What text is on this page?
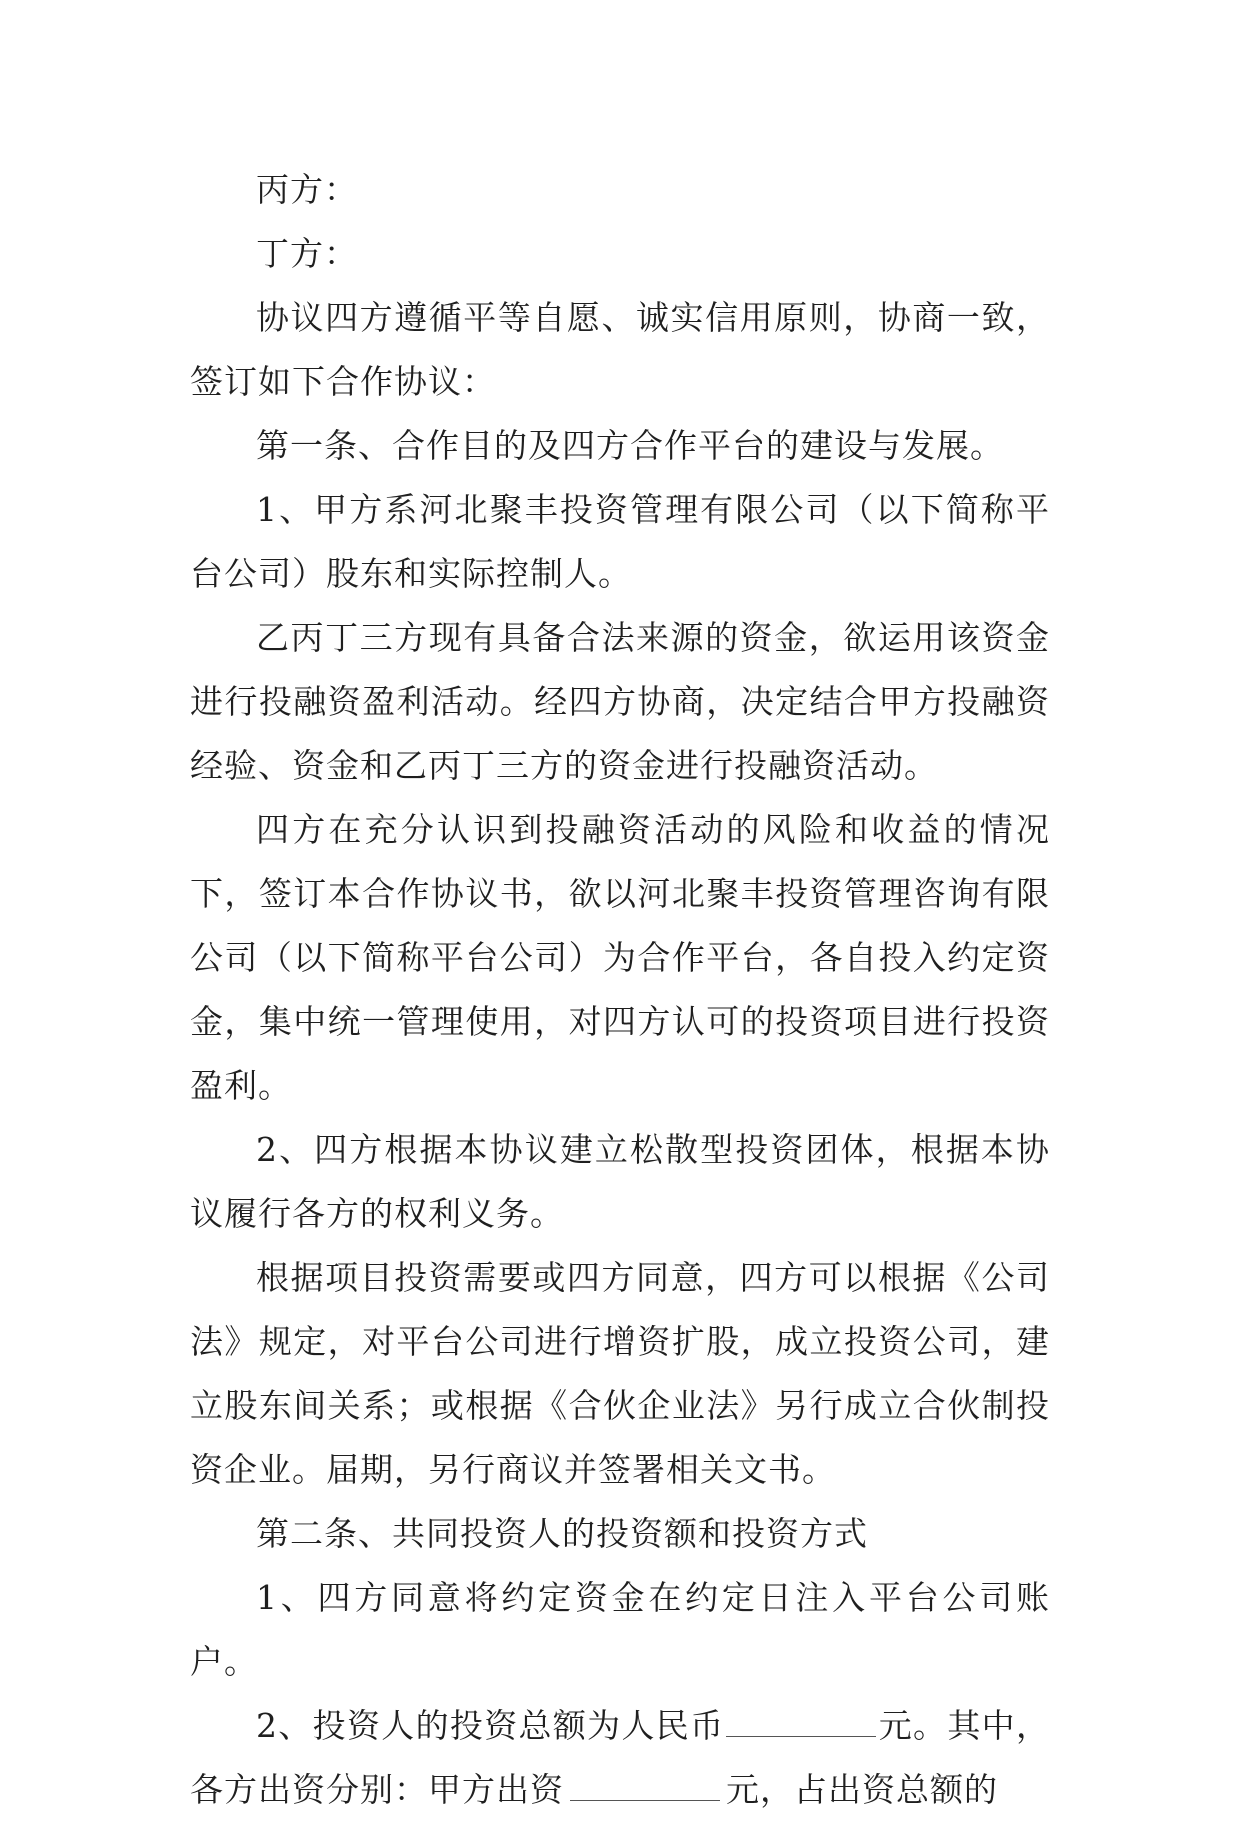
丙方：

丁方：

协议四方遵循平等自愿、诚实信用原则，协商一致，签订如下合作协议：

第一条、合作目的及四方合作平台的建设与发展。

1、甲方系河北聚丰投资管理有限公司（以下简称平台公司）股东和实际控制人。

乙丙丁三方现有具备合法来源的资金，欲运用该资金进行投融资盈利活动。经四方协商，决定结合甲方投融资经验、资金和乙丙丁三方的资金进行投融资活动。

四方在充分认识到投融资活动的风险和收益的情况下，签订本合作协议书，欲以河北聚丰投资管理咨询有限公司（以下简称平台公司）为合作平台，各自投入约定资金，集中统一管理使用，对四方认可的投资项目进行投资盈利。

2、四方根据本协议建立松散型投资团体，根据本协议履行各方的权利义务。

根据项目投资需要或四方同意，四方可以根据《公司法》规定，对平台公司进行增资扩股，成立投资公司，建立股东间关系；或根据《合伙企业法》另行成立合伙制投资企业。届期，另行商议并签署相关文书。

第二条、共同投资人的投资额和投资方式

1、四方同意将约定资金在约定日注入平台公司账户。

2、投资人的投资总额为人民币	元。其中，各方出资分别：甲方出资	元，占出资总额的
